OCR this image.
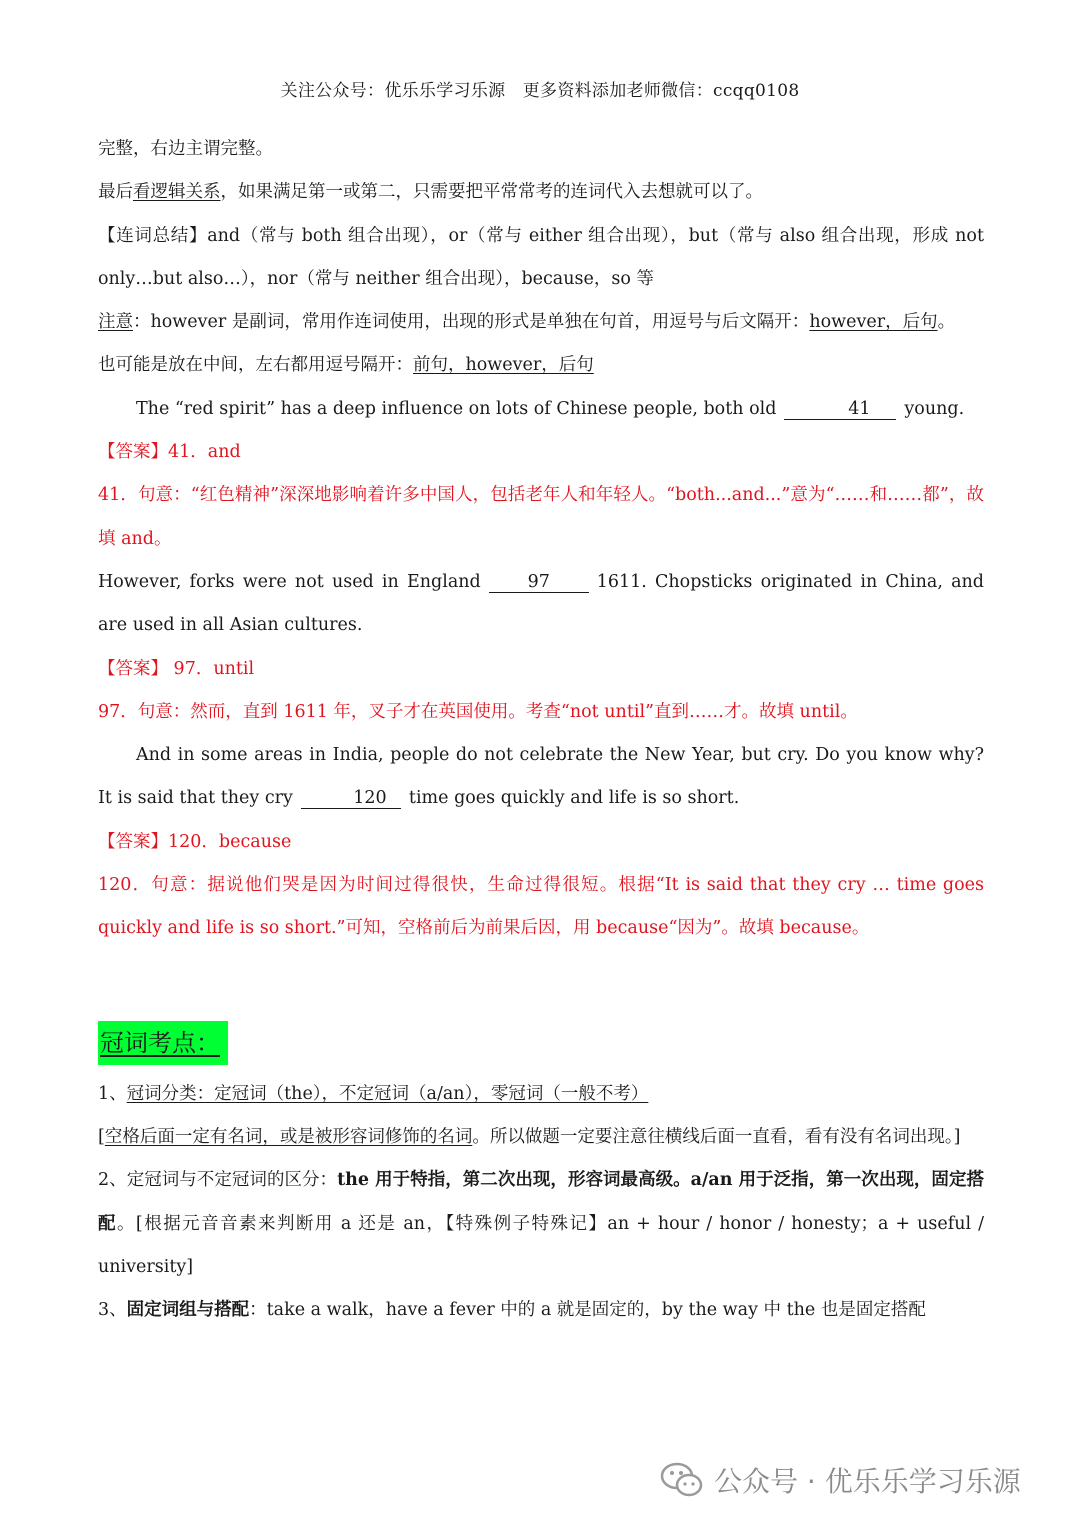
关注公众号：优乐乐学习乐源　更多资料添加老师微信：ccqq0108

完整，右边主谓完整。

最后看逻辑关系，如果满足第一或第二，只需要把平常常考的连词代入去想就可以了。

【连词总结】and（常与 both 组合出现），or（常与 either 组合出现），but（常与 also 组合出现，形成 not only…but also…），nor（常与 neither 组合出现），because，so 等

注意：however 是副词，常用作连词使用，出现的形式是单独在句首，用逗号与后文隔开：however，后句。

也可能是放在中间，左右都用逗号隔开：前句，however，后句

The “red spirit” has a deep influence on lots of Chinese people, both old	41 young.

【答案】41．and

41．句意：“红色精神”深深地影响着许多中国人，包括老年人和年轻人。“both...and...”意为“……和……都”，故填 and。

However, forks were not used in England	97	1611. Chopsticks originated in China, and are used in all Asian cultures.

【答案】 97．until

97．句意：然而，直到 1611 年，叉子才在英国使用。考查“not until”直到……才。故填 until。

And in some areas in India, people do not celebrate the New Year, but cry. Do you know why? It is said that they cry	120 time goes quickly and life is so short.

【答案】120．because

120．句意：据说他们哭是因为时间过得很快，生命过得很短。根据“It is said that they cry … time goes quickly and life is so short.”可知，空格前后为前果后因，用 because“因为”。故填 because。

冠词考点：

1、冠词分类：定冠词（the），不定冠词（a/an），零冠词（一般不考）

[空格后面一定有名词，或是被形容词修饰的名词。所以做题一定要注意往横线后面一直看，看有没有名词出现。]

2、定冠词与不定冠词的区分：the 用于特指，第二次出现，形容词最高级。a/an 用于泛指，第一次出现，固定搭配。[根据元音音素来判断用 a 还是 an，【特殊例子特殊记】an + hour / honor / honesty；a + useful / university]

3、固定词组与搭配：take a walk，have a fever 中的 a 就是固定的，by the way 中 the 也是固定搭配

公众号 · 优乐乐学习乐源
